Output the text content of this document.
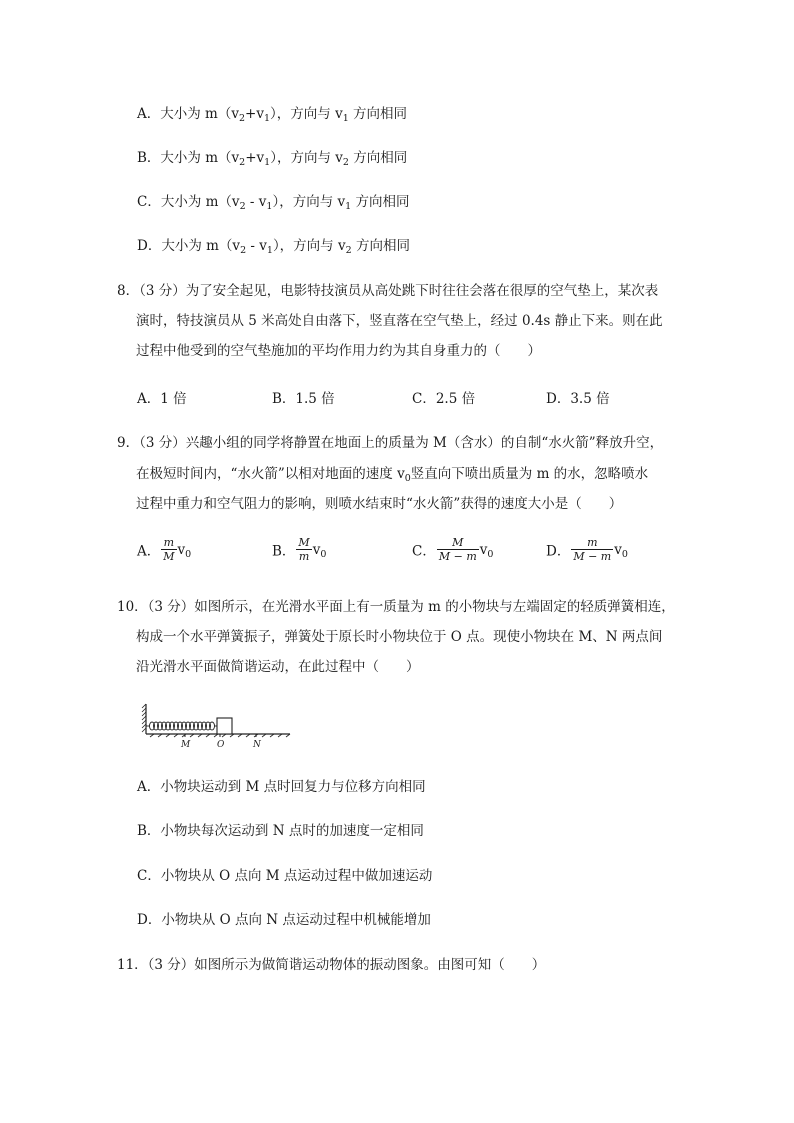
A．大小为 $m(v_2+v_1)$，方向与 $v_1$ 方向相同
B．大小为 $m(v_2+v_1)$，方向与 $v_2$ 方向相同
C．大小为 $m(v_2 - v_1)$，方向与 $v_1$ 方向相同
D．大小为 $m(v_2 - v_1)$，方向与 $v_2$ 方向相同
8．（3 分）为了安全起见，电影特技演员从高处跳下时往往会落在很厚的空气垫上，某次表
演时，特技演员从 5 米高处自由落下，竖直落在空气垫上，经过 0.4s 静止下来。则在此
过程中他受到的空气垫施加的平均作用力约为其自身重力的（　　）
A．1 倍	B．1.5 倍	C．2.5 倍	D．3.5 倍
9．（3 分）兴趣小组的同学将静置在地面上的质量为 M（含水）的自制“水火箭”释放升空，
在极短时间内，“水火箭”以相对地面的速度 $v_0$竖直向下喷出质量为 m 的水，忽略喷水
过程中重力和空气阻力的影响，则喷水结束时“水火箭”获得的速度大小是（　　）
A． $\frac{m}{M} v_0$	B． $\frac{M}{m} v_0$	C． $\frac{M}{M - m} v_0$	D． $\frac{m}{M - m} v_0$
10．（3 分）如图所示，在光滑水平面上有一质量为 m 的小物块与左端固定的轻质弹簧相连，
构成一个水平弹簧振子，弹簧处于原长时小物块位于 O 点。现使小物块在 M、N 两点间
沿光滑水平面做简谐运动，在此过程中（　　）
M	O	N
A．小物块运动到 M 点时回复力与位移方向相同
B．小物块每次运动到 N 点时的加速度一定相同
C．小物块从 O 点向 M 点运动过程中做加速运动
D．小物块从 O 点向 N 点运动过程中机械能增加
11．（3 分）如图所示为做简谐运动物体的振动图象。由图可知（　　）
